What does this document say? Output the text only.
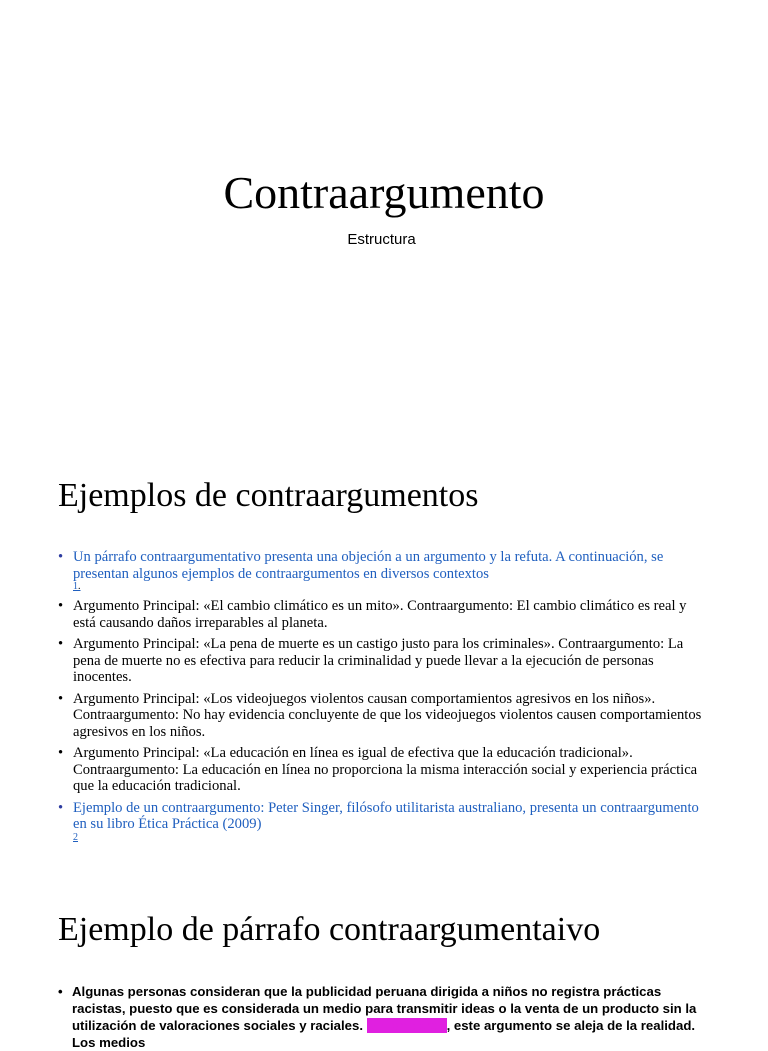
Contraargumento
Estructura
Ejemplos de contraargumentos
• Un párrafo contraargumentativo presenta una objeción a un argumento y la refuta. A continuación, se presentan algunos ejemplos de contraargumentos en diversos contextos
1.
• Argumento Principal: «El cambio climático es un mito». Contraargumento: El cambio climático es real y está causando daños irreparables al planeta.
• Argumento Principal: «La pena de muerte es un castigo justo para los criminales». Contraargumento: La pena de muerte no es efectiva para reducir la criminalidad y puede llevar a la ejecución de personas inocentes.
• Argumento Principal: «Los videojuegos violentos causan comportamientos agresivos en los niños». Contraargumento: No hay evidencia concluyente de que los videojuegos violentos causen comportamientos agresivos en los niños.
• Argumento Principal: «La educación en línea es igual de efectiva que la educación tradicional». Contraargumento: La educación en línea no proporciona la misma interacción social y experiencia práctica que la educación tradicional.
• Ejemplo de un contraargumento: Peter Singer, filósofo utilitarista australiano, presenta un contraargumento en su libro Ética Práctica (2009)
2
Ejemplo de párrafo contraargumentaivo
• Algunas personas consideran que la publicidad peruana dirigida a niños no registra prácticas racistas, puesto que es considerada un medio para transmitir ideas o la venta de un producto sin la utilización de valoraciones sociales y raciales. Sin embargo, este argumento se aleja de la realidad. Los medios
